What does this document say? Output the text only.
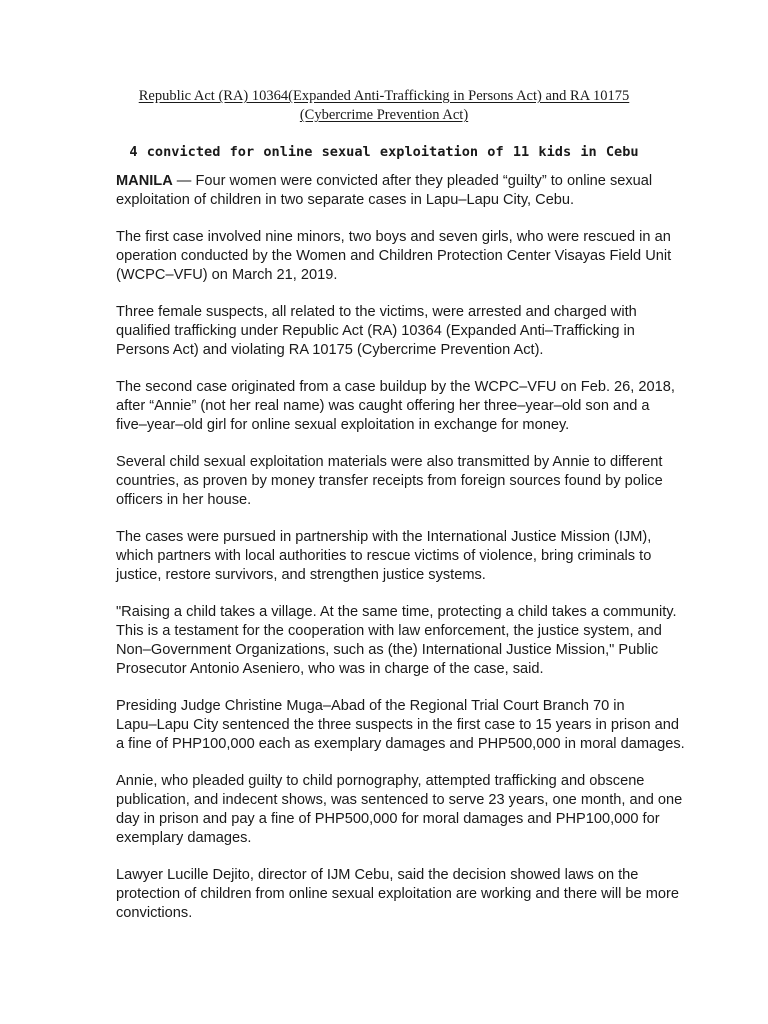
Republic Act (RA) 10364(Expanded Anti-Trafficking in Persons Act) and RA 10175
(Cybercrime Prevention Act)
4 convicted for online sexual exploitation of 11 kids in Cebu

MANILA — Four women were convicted after they pleaded “guilty” to online sexual
exploitation of children in two separate cases in Lapu–Lapu City, Cebu.

The first case involved nine minors, two boys and seven girls, who were rescued in an
operation conducted by the Women and Children Protection Center Visayas Field Unit
(WCPC–VFU) on March 21, 2019.

Three female suspects, all related to the victims, were arrested and charged with
qualified trafficking under Republic Act (RA) 10364 (Expanded Anti–Trafficking in
Persons Act) and violating RA 10175 (Cybercrime Prevention Act).

The second case originated from a case buildup by the WCPC–VFU on Feb. 26, 2018,
after “Annie” (not her real name) was caught offering her three–year–old son and a
five–year–old girl for online sexual exploitation in exchange for money.

Several child sexual exploitation materials were also transmitted by Annie to different
countries, as proven by money transfer receipts from foreign sources found by police
officers in her house.

The cases were pursued in partnership with the International Justice Mission (IJM),
which partners with local authorities to rescue victims of violence, bring criminals to
justice, restore survivors, and strengthen justice systems.

"Raising a child takes a village. At the same time, protecting a child takes a community.
This is a testament for the cooperation with law enforcement, the justice system, and
Non–Government Organizations, such as (the) International Justice Mission," Public
Prosecutor Antonio Aseniero, who was in charge of the case, said.

Presiding Judge Christine Muga–Abad of the Regional Trial Court Branch 70 in
Lapu–Lapu City sentenced the three suspects in the first case to 15 years in prison and
a fine of PHP100,000 each as exemplary damages and PHP500,000 in moral damages.

Annie, who pleaded guilty to child pornography, attempted trafficking and obscene
publication, and indecent shows, was sentenced to serve 23 years, one month, and one
day in prison and pay a fine of PHP500,000 for moral damages and PHP100,000 for
exemplary damages.

Lawyer Lucille Dejito, director of IJM Cebu, said the decision showed laws on the
protection of children from online sexual exploitation are working and there will be more
convictions.
